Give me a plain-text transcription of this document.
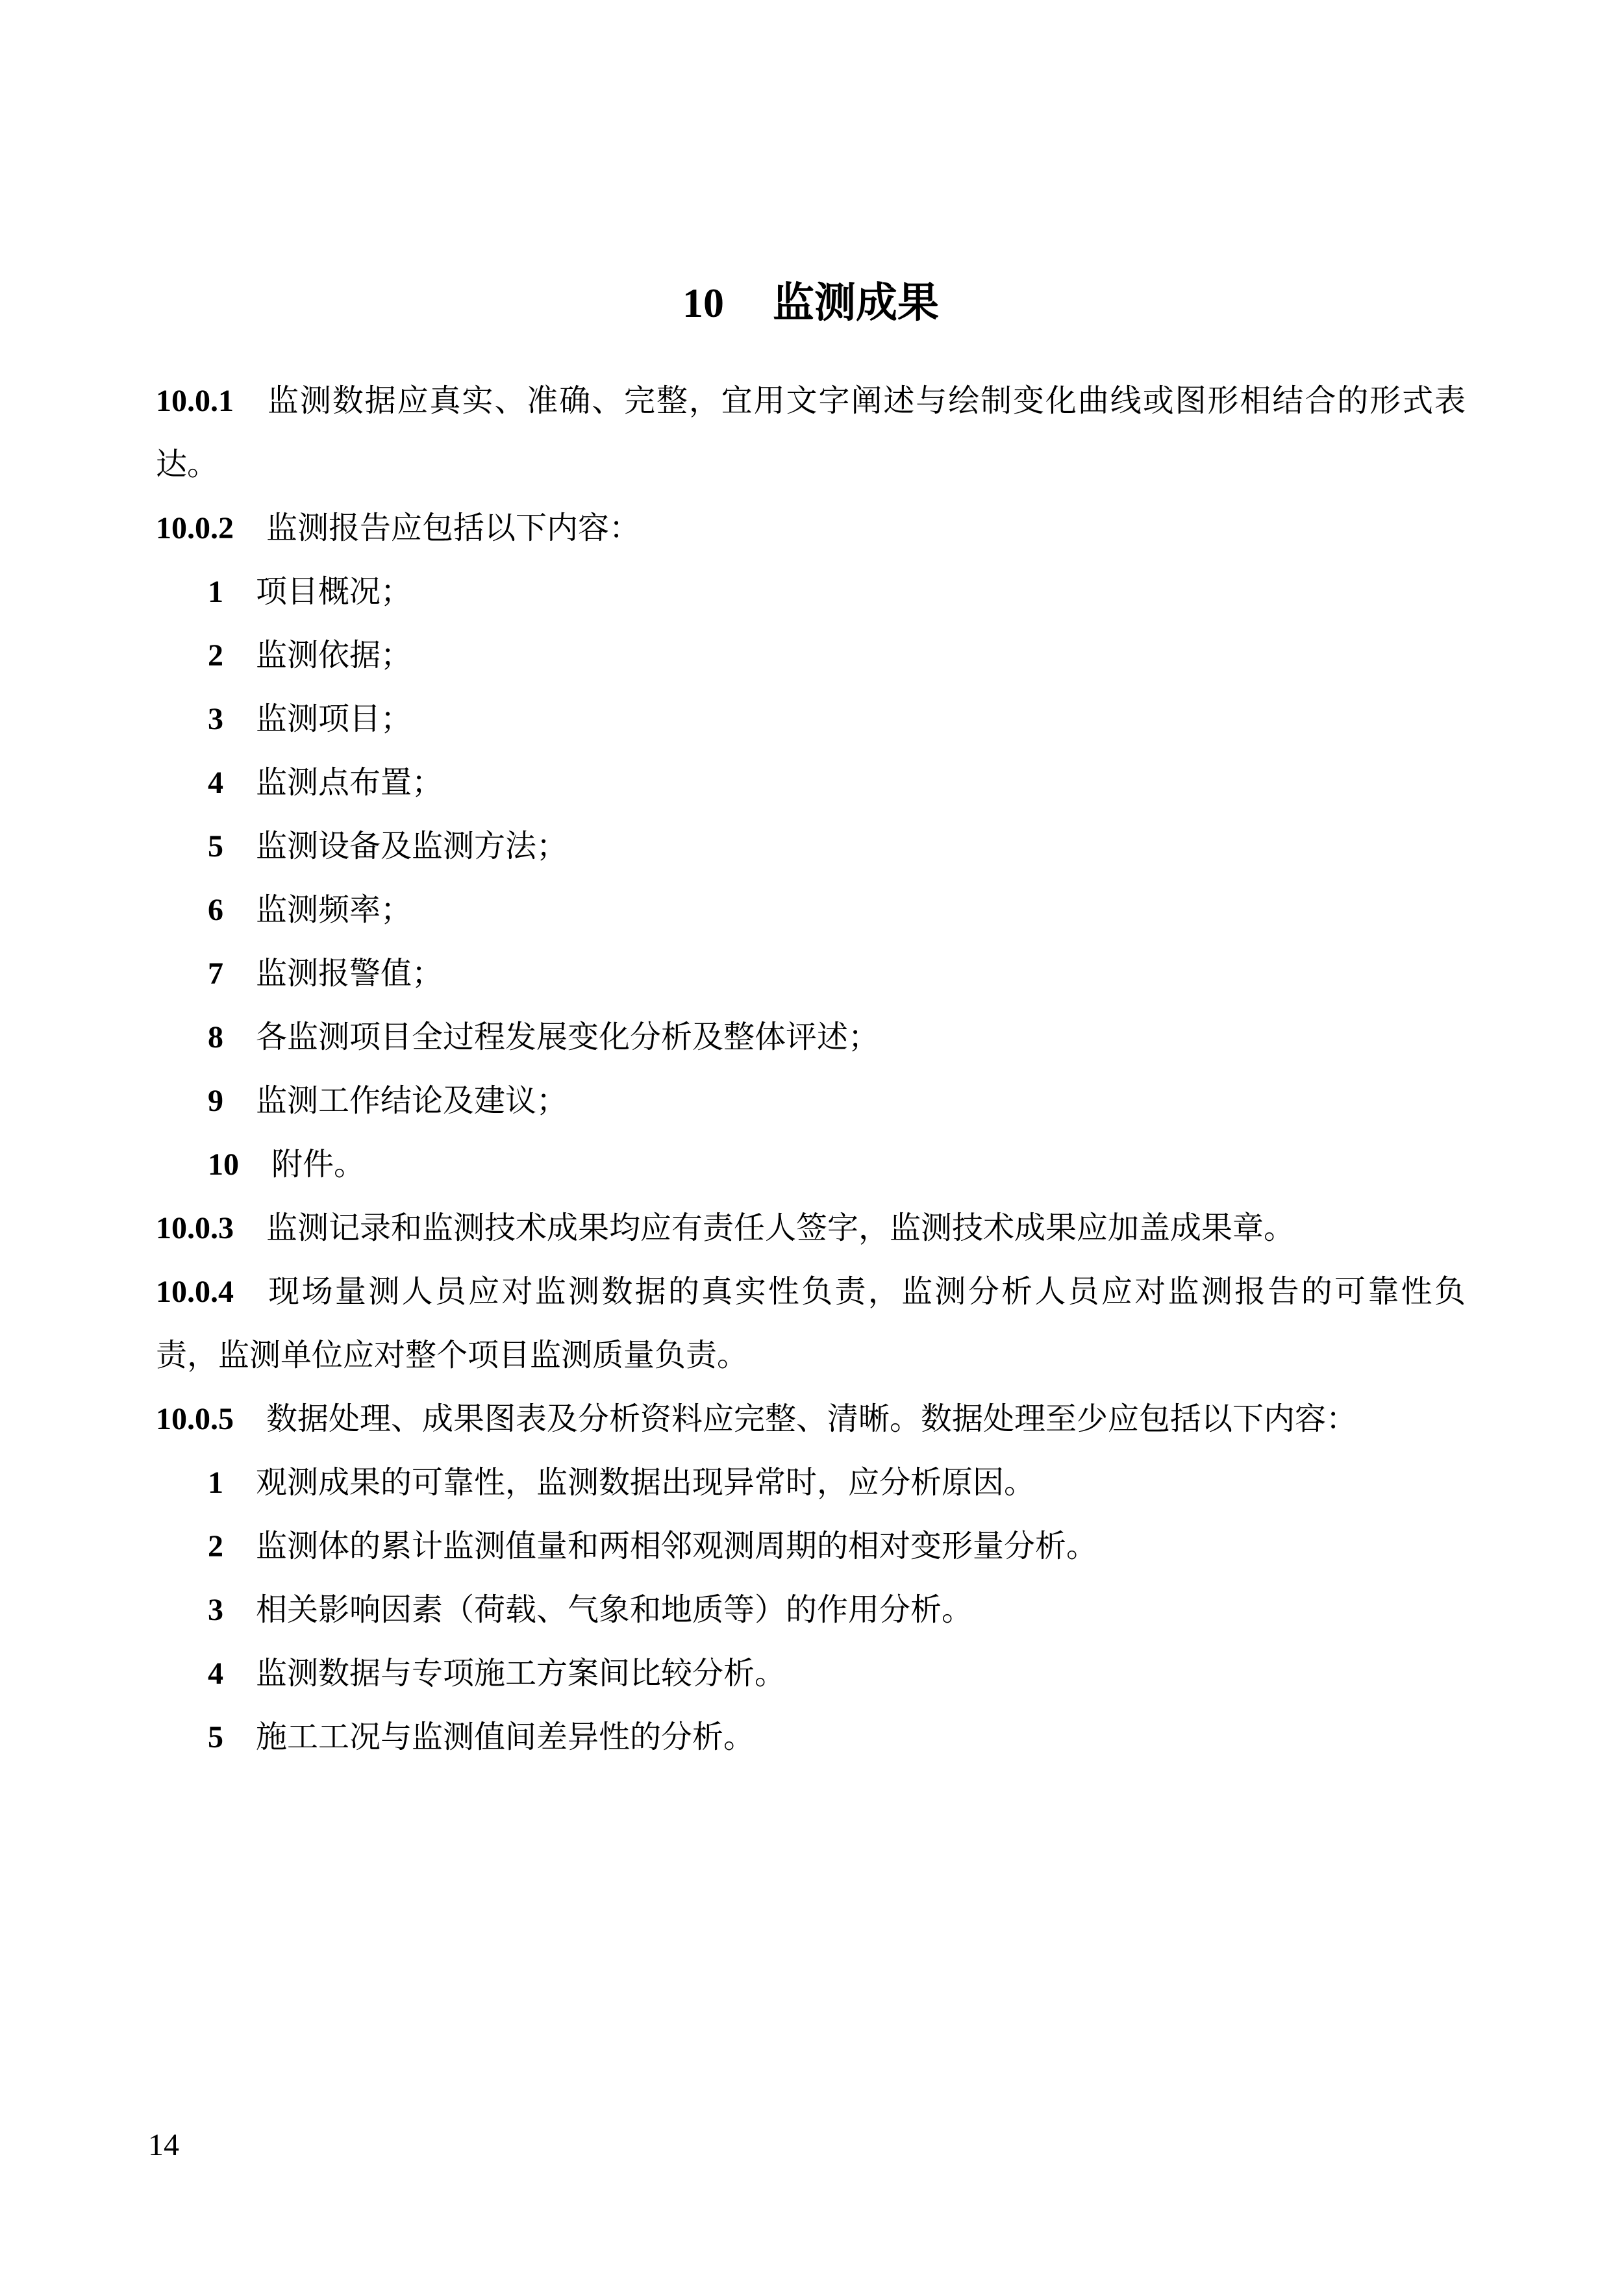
10 监测成果
10.0.1 监测数据应真实、准确、完整，宜用文字阐述与绘制变化曲线或图形相结合的形式表
达。
10.0.2 监测报告应包括以下内容：
1 项目概况；
2 监测依据；
3 监测项目；
4 监测点布置；
5 监测设备及监测方法；
6 监测频率；
7 监测报警值；
8 各监测项目全过程发展变化分析及整体评述；
9 监测工作结论及建议；
10 附件。
10.0.3 监测记录和监测技术成果均应有责任人签字，监测技术成果应加盖成果章。
10.0.4 现场量测人员应对监测数据的真实性负责，监测分析人员应对监测报告的可靠性负
责，监测单位应对整个项目监测质量负责。
10.0.5 数据处理、成果图表及分析资料应完整、清晰。数据处理至少应包括以下内容：
1 观测成果的可靠性，监测数据出现异常时，应分析原因。
2 监测体的累计监测值量和两相邻观测周期的相对变形量分析。
3 相关影响因素（荷载、气象和地质等）的作用分析。
4 监测数据与专项施工方案间比较分析。
5 施工工况与监测值间差异性的分析。
14
